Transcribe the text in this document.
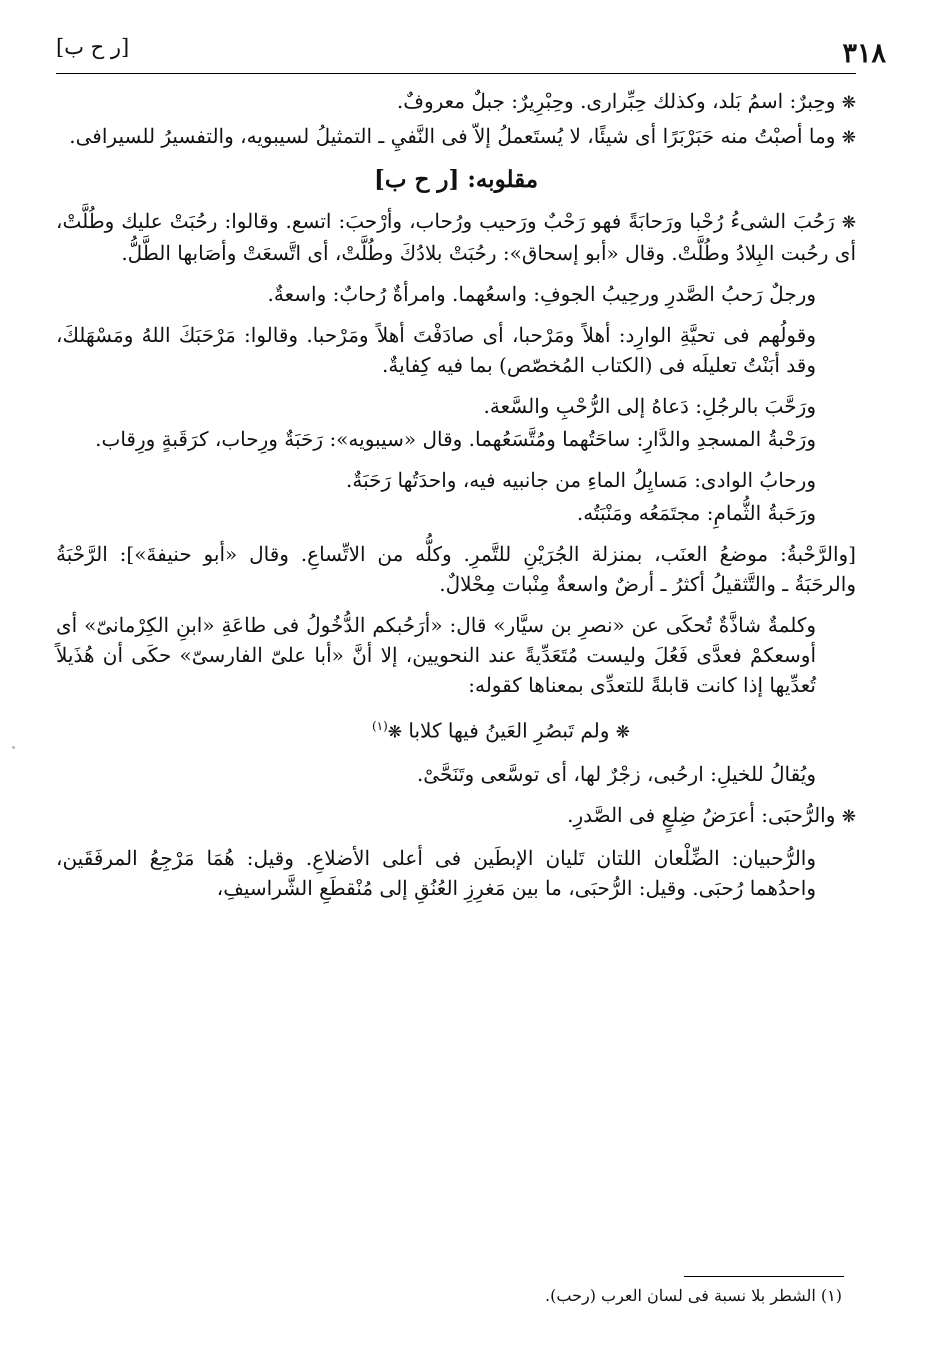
[ر ح ب]	٣١٨

❋ وحِبرٌ: اسمُ بَلد، وكذلك حِبِّرارى. وحِبْرِيرٌ: جبلٌ معروفٌ.

❋ وما أصبْتُ منه حَبَرْبَرًا أى شيئًا، لا يُستَعملُ إلاّ فى النَّفيِ ـ التمثيلُ لسيبويه، والتفسيرُ للسيرافى.

مقلوبه: [ر ح ب]

❋ رَحُبَ الشىءُ رُحْبا ورَحابَةً فهو رَحْبٌ ورَحيب ورُحاب، وأرْحبَ: اتسع. وقالوا: رحُبَتْ عليك وطُلَّتْ، أى رحُبت البِلادُ وطُلَّتْ. وقال «أبو إسحاق»: رحُبَتْ بلادُكَ وطُلَّتْ، أى اتَّسعَتْ وأصَابها الطَّلُّ.

ورجلٌ رَحبُ الصَّدرِ ورحِيبُ الجوفِ: واسعُهما. وامرأةٌ رُحابٌ: واسعةٌ.

وقولُهم فى تحيَّةِ الوارِد: أهلاً ومَرْحبا، أى صادَفْتَ أهلاً ومَرْحبا. وقالوا: مَرْحَبَكَ اللهُ ومَسْهَلكَ، وقد أبَنْتُ تعليلَه فى (الكتاب المُخصّص) بما فيه كِفايةٌ.

ورَحَّبَ بالرجُلِ: دَعاهُ إلى الرُّحْبِ والسَّعة.

ورَحْبةُ المسجدِ والدَّارِ: ساحَتُهما ومُتَّسَعُهما. وقال «سيبويه»: رَحَبَةٌ ورِحاب، كرَقَبةٍ ورِقاب.

ورحابُ الوادى: مَسايِلُ الماءِ من جانبيه فيه، واحدَتُها رَحَبَةٌ.

ورَحَبةُ الثُّمامِ: مجتَمَعُه ومَنْبَتُه.

[والرَّحْبةُ: موضعُ العنَب، بمنزلة الجُرَيْنِ للتَّمرِ. وكلُّه من الاتِّساعِ. وقال «أبو حنيفةَ»]: الرَّحْبَةُ والرحَبَةُ ـ والتَّثقيلُ أكثرُ ـ أرضٌ واسعةٌ مِنْبات مِحْلالٌ.

وكلمةٌ شاذَّةٌ تُحكَى عن «نصرِ بن سيَّار» قال: «أرَحُبكم الدُّخُولُ فى طاعَةِ «ابنِ الكِرْمانىّ» أى أوسعكمْ فعدَّى فَعُلَ وليست مُتَعَدِّيةً عند النحويين، إلا أنَّ «أبا علىّ الفارسىّ» حكَى أن هُذَيلاً تُعدِّيها إذا كانت قابلةً للتعدِّى بمعناها كقوله:

❋ ولم تَبصُرِ العَينُ فيها كلابا ❋$^{(١)}$

ويُقالُ للخيلِ: ارحُبى، زجْرٌ لها، أى توسَّعى وتَنَحَّىْ.

❋ والرُّحبَى: أعرَضُ ضِلعٍ فى الصَّدرِ.

والرُّحبيان: الضِّلْعان اللتان تَليان الإبطَين فى أعلى الأضلاعِ. وقيل: هُمَا مَرْجِعُ المرفَقَين، واحدُهما رُحبَى. وقيل: الرُّحبَى، ما بين مَغرِزِ العُنُقِ إلى مُنْقطَعِ الشَّراسيفِ،

(١) الشطر بلا نسبة فى لسان العرب (رحب).
